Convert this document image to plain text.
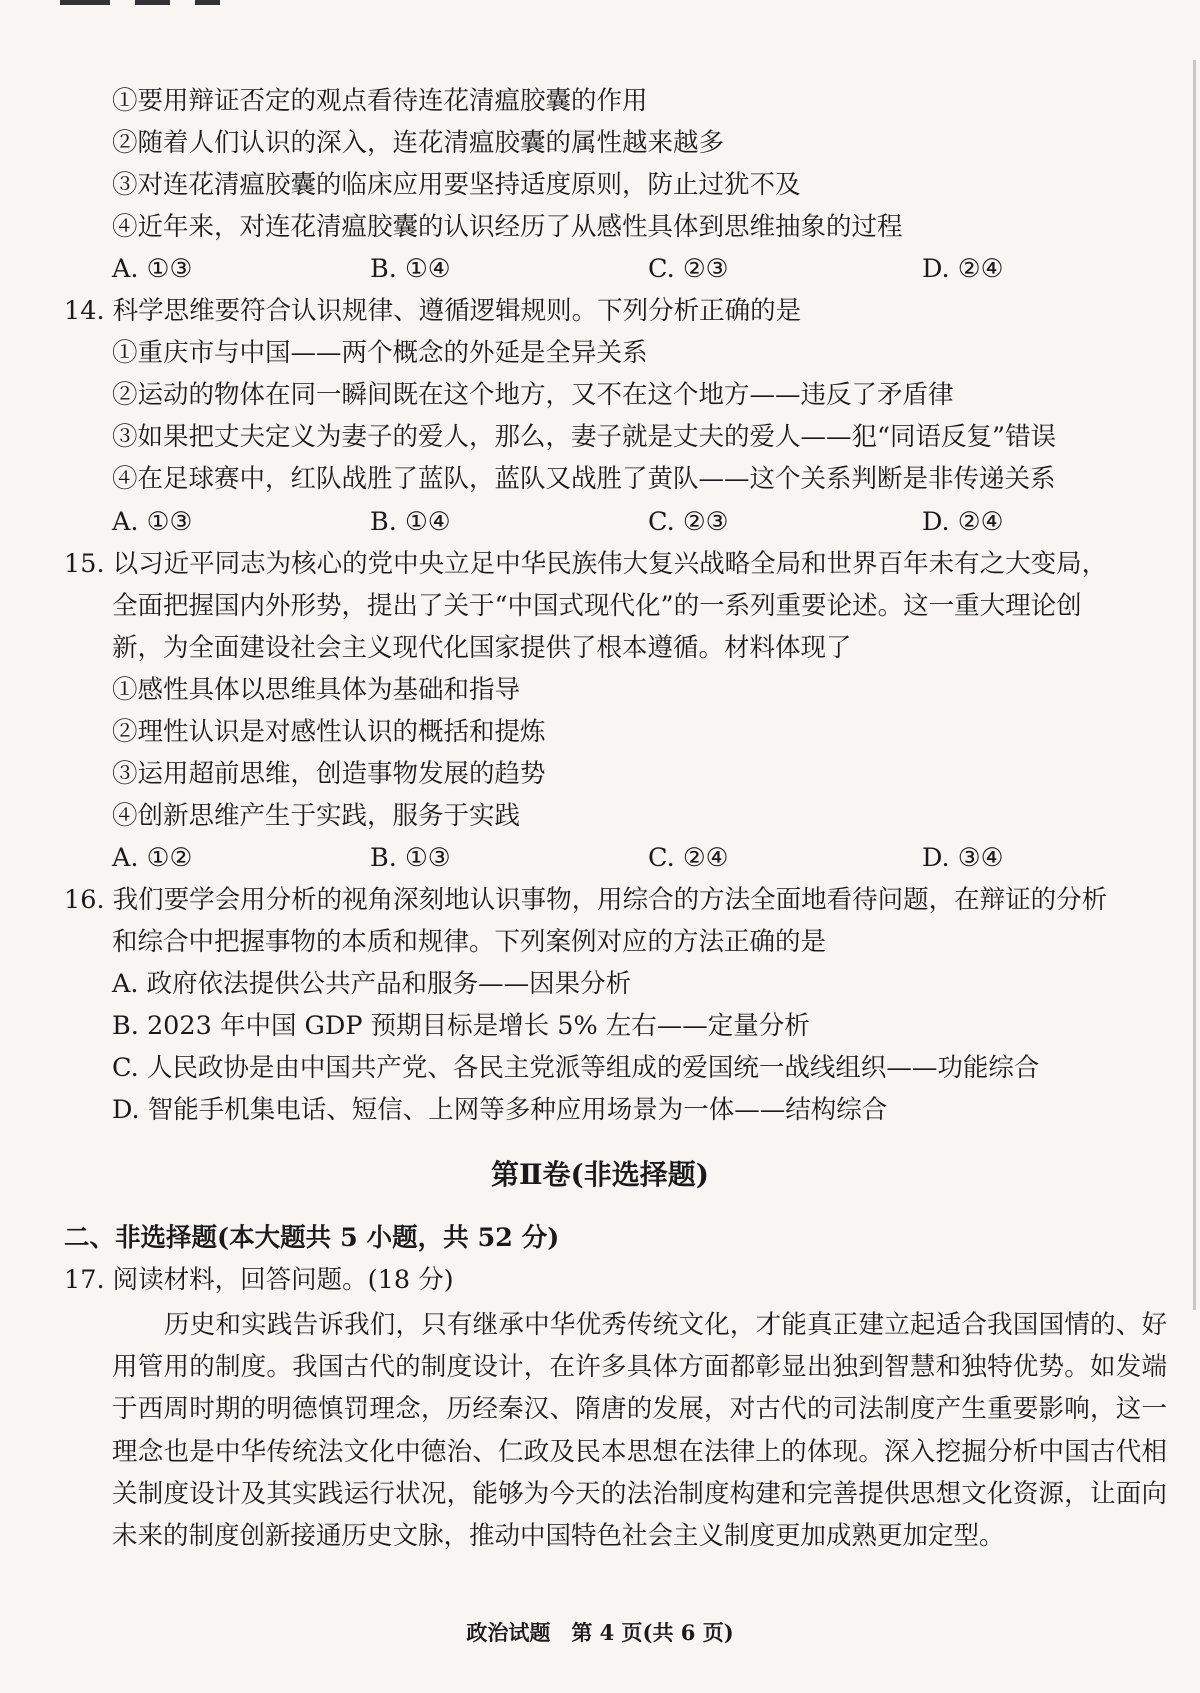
①要用辩证否定的观点看待连花清瘟胶囊的作用
②随着人们认识的深入，连花清瘟胶囊的属性越来越多
③对连花清瘟胶囊的临床应用要坚持适度原则，防止过犹不及
④近年来，对连花清瘟胶囊的认识经历了从感性具体到思维抽象的过程
A. ①③	B. ①④	C. ②③	D. ②④
14. 科学思维要符合认识规律、遵循逻辑规则。下列分析正确的是
①重庆市与中国——两个概念的外延是全异关系
②运动的物体在同一瞬间既在这个地方，又不在这个地方——违反了矛盾律
③如果把丈夫定义为妻子的爱人，那么，妻子就是丈夫的爱人——犯“同语反复”错误
④在足球赛中，红队战胜了蓝队，蓝队又战胜了黄队——这个关系判断是非传递关系
A. ①③	B. ①④	C. ②③	D. ②④
15. 以习近平同志为核心的党中央立足中华民族伟大复兴战略全局和世界百年未有之大变局，
全面把握国内外形势，提出了关于“中国式现代化”的一系列重要论述。这一重大理论创
新，为全面建设社会主义现代化国家提供了根本遵循。材料体现了
①感性具体以思维具体为基础和指导
②理性认识是对感性认识的概括和提炼
③运用超前思维，创造事物发展的趋势
④创新思维产生于实践，服务于实践
A. ①②	B. ①③	C. ②④	D. ③④
16. 我们要学会用分析的视角深刻地认识事物，用综合的方法全面地看待问题，在辩证的分析
和综合中把握事物的本质和规律。下列案例对应的方法正确的是
A. 政府依法提供公共产品和服务——因果分析
B. 2023 年中国 GDP 预期目标是增长 5% 左右——定量分析
C. 人民政协是由中国共产党、各民主党派等组成的爱国统一战线组织——功能综合
D. 智能手机集电话、短信、上网等多种应用场景为一体——结构综合
第Ⅱ卷(非选择题)
二、非选择题(本大题共 5 小题，共 52 分)
17. 阅读材料，回答问题。(18 分)
历史和实践告诉我们，只有继承中华优秀传统文化，才能真正建立起适合我国国情的、好用管用的制度。我国古代的制度设计，在许多具体方面都彰显出独到智慧和独特优势。如发端于西周时期的明德慎罚理念，历经秦汉、隋唐的发展，对古代的司法制度产生重要影响，这一理念也是中华传统法文化中德治、仁政及民本思想在法律上的体现。深入挖掘分析中国古代相关制度设计及其实践运行状况，能够为今天的法治制度构建和完善提供思想文化资源，让面向未来的制度创新接通历史文脉，推动中国特色社会主义制度更加成熟更加定型。
政治试题　第 4 页(共 6 页)
